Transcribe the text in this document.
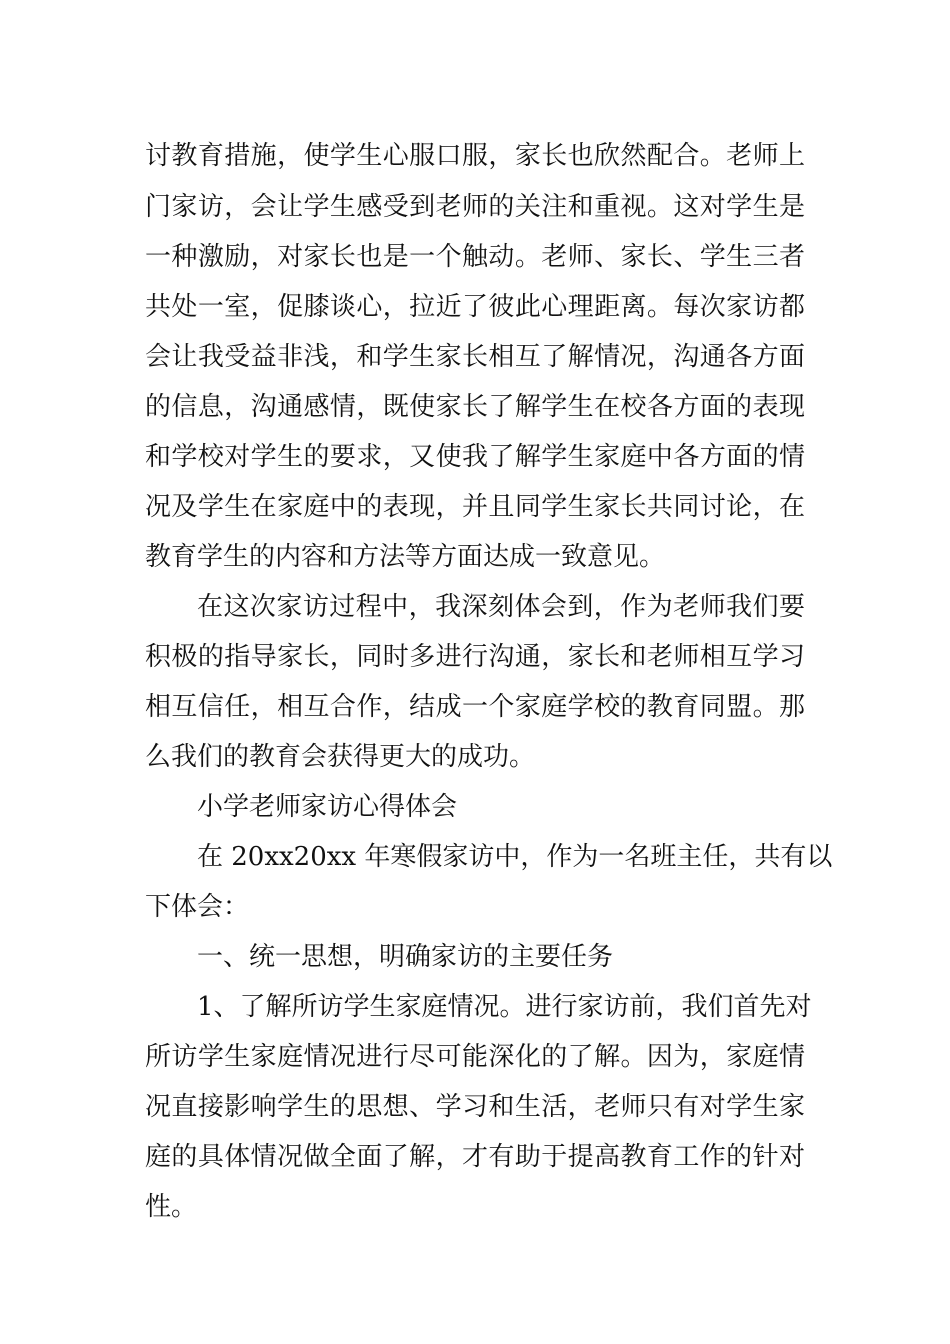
讨教育措施，使学生心服口服，家长也欣然配合。老师上
门家访，会让学生感受到老师的关注和重视。这对学生是
一种激励，对家长也是一个触动。老师、家长、学生三者
共处一室，促膝谈心，拉近了彼此心理距离。每次家访都
会让我受益非浅，和学生家长相互了解情况，沟通各方面
的信息，沟通感情，既使家长了解学生在校各方面的表现
和学校对学生的要求，又使我了解学生家庭中各方面的情
况及学生在家庭中的表现，并且同学生家长共同讨论，在
教育学生的内容和方法等方面达成一致意见。
在这次家访过程中，我深刻体会到，作为老师我们要
积极的指导家长，同时多进行沟通，家长和老师相互学习
相互信任，相互合作，结成一个家庭学校的教育同盟。那
么我们的教育会获得更大的成功。
小学老师家访心得体会
在 20xx20xx 年寒假家访中，作为一名班主任，共有以
下体会：
一、统一思想，明确家访的主要任务
1、了解所访学生家庭情况。进行家访前，我们首先对
所访学生家庭情况进行尽可能深化的了解。因为，家庭情
况直接影响学生的思想、学习和生活，老师只有对学生家
庭的具体情况做全面了解，才有助于提高教育工作的针对
性。
